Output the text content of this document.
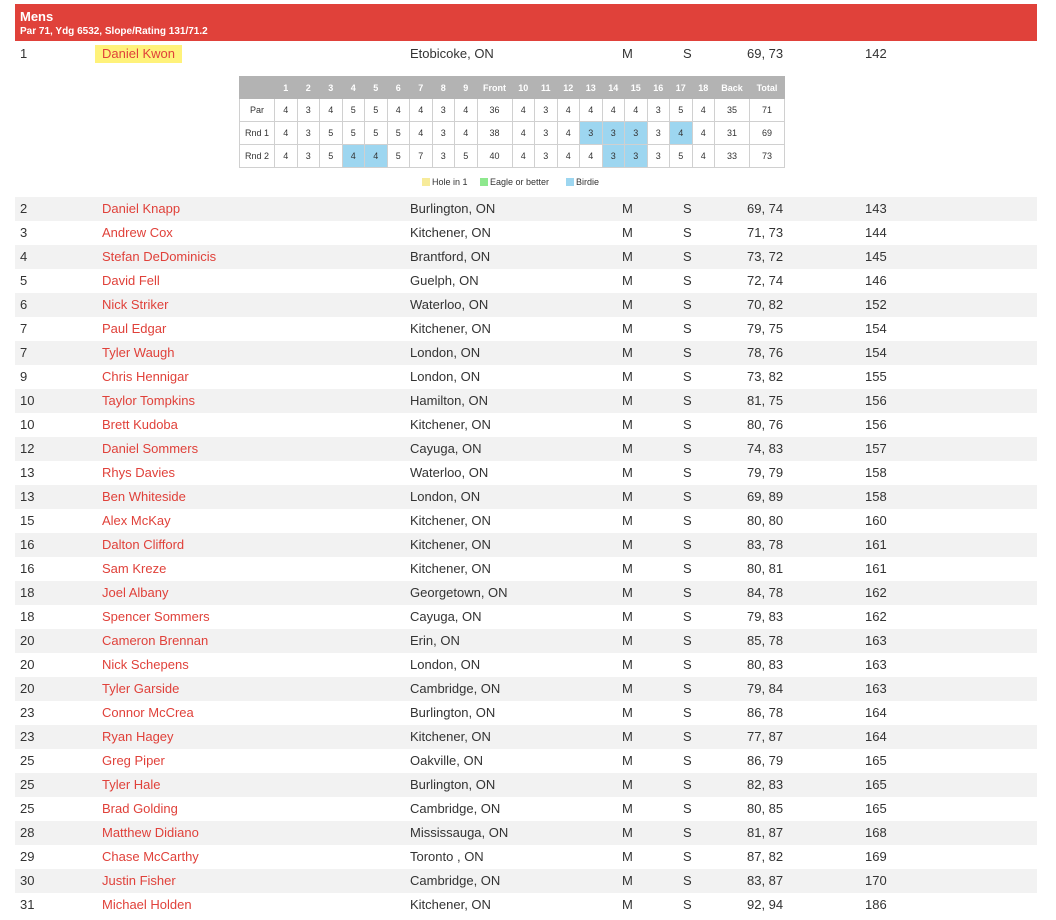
Mens
Par 71, Ydg 6532, Slope/Rating 131/71.2
1	Daniel Kwon	Etobicoke, ON	M	S	69, 73	142
2	Daniel Knapp	Burlington, ON	M	S	69, 74	143
3	Andrew Cox	Kitchener, ON	M	S	71, 73	144
4	Stefan DeDominicis	Brantford, ON	M	S	73, 72	145
5	David Fell	Guelph, ON	M	S	72, 74	146
6	Nick Striker	Waterloo, ON	M	S	70, 82	152
7	Paul Edgar	Kitchener, ON	M	S	79, 75	154
7	Tyler Waugh	London, ON	M	S	78, 76	154
9	Chris Hennigar	London, ON	M	S	73, 82	155
10	Taylor Tompkins	Hamilton, ON	M	S	81, 75	156
10	Brett Kudoba	Kitchener, ON	M	S	80, 76	156
12	Daniel Sommers	Cayuga, ON	M	S	74, 83	157
13	Rhys Davies	Waterloo, ON	M	S	79, 79	158
13	Ben Whiteside	London, ON	M	S	69, 89	158
15	Alex McKay	Kitchener, ON	M	S	80, 80	160
16	Dalton Clifford	Kitchener, ON	M	S	83, 78	161
16	Sam Kreze	Kitchener, ON	M	S	80, 81	161
18	Joel Albany	Georgetown, ON	M	S	84, 78	162
18	Spencer Sommers	Cayuga, ON	M	S	79, 83	162
20	Cameron Brennan	Erin, ON	M	S	85, 78	163
20	Nick Schepens	London, ON	M	S	80, 83	163
20	Tyler Garside	Cambridge, ON	M	S	79, 84	163
23	Connor McCrea	Burlington, ON	M	S	86, 78	164
23	Ryan Hagey	Kitchener, ON	M	S	77, 87	164
25	Greg Piper	Oakville, ON	M	S	86, 79	165
25	Tyler Hale	Burlington, ON	M	S	82, 83	165
25	Brad Golding	Cambridge, ON	M	S	80, 85	165
28	Matthew Didiano	Mississauga, ON	M	S	81, 87	168
29	Chase McCarthy	Toronto , ON	M	S	87, 82	169
30	Justin Fisher	Cambridge, ON	M	S	83, 87	170
31	Michael Holden	Kitchener, ON	M	S	92, 94	186
	1	2	3	4	5	6	7	8	9	Front	10	11	12	13	14	15	16	17	18	Back	Total
Par	4	3	4	5	5	4	4	3	4	36	4	3	4	4	4	4	3	5	4	35	71
Rnd 1	4	3	5	5	5	5	4	3	4	38	4	3	4	3	3	3	3	4	4	31	69
Rnd 2	4	3	5	4	4	5	7	3	5	40	4	3	4	4	3	3	3	5	4	33	73
Hole in 1	Eagle or better	Birdie
